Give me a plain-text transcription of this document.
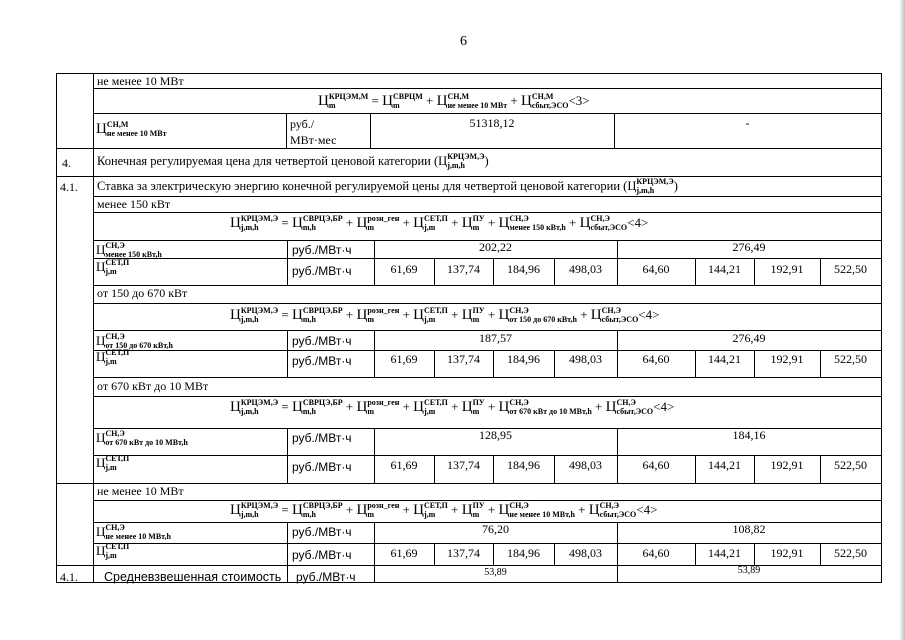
6
не менее 10 МВт
Ц КРЦЭМ,М
m	= Ц СВРЦМ
m	+ Ц СН,М
не менее 10 МВт + Ц СН,М
сбыт,ЭСО <3>
Ц СН,М
не менее 10 МВт
руб./
МВт·мес
51318,12	-
4. Конечная регулируемая цена для четвертой ценовой категории (Ц КРЦЭМ,Э
j,m,h	)
4.1. Ставка за электрическую энергию конечной регулируемой цены для четвертой ценовой категории (Ц КРЦЭМ,Э
j,m,h	)
менее 150 кВт
Ц КРЦЭМ,Э
j,m,h	= Ц СВРЦЭ,БР
m,h	+ Ц розн_ген
m	+ Ц СЕТ,П
j,m + Ц ПУ
m + Ц СН,Э
менее 150 кВт,h + Ц СН,Э
сбыт,ЭСО <4>
Ц СН,Э
менее 150 кВт,h	руб./МВт·ч	202,22	276,49
Ц СЕТ,П
j,m	руб./МВт·ч	61,69	137,74	184,96	498,03	64,60	144,21	192,91	522,50
от 150 до 670 кВт
Ц КРЦЭМ,Э
j,m,h	= Ц СВРЦЭ,БР
m,h	+ Ц розн_ген
m	+ Ц СЕТ,П
j,m + Ц ПУ
m + Ц СН,Э
от 150 до 670 кВт,h + Ц СН,Э
сбыт,ЭСО <4>
Ц СН,Э
от 150 до 670 кВт,h	руб./МВт·ч	187,57	276,49
Ц СЕТ,П
j,m	руб./МВт·ч	61,69	137,74	184,96	498,03	64,60	144,21	192,91	522,50
от 670 кВт до 10 МВт
Ц КРЦЭМ,Э
j,m,h	= Ц СВРЦЭ,БР
m,h	+ Ц розн_ген
m	+ Ц СЕТ,П
j,m + Ц ПУ
m + Ц СН,Э
от 670 кВт до 10 МВт,h + Ц СН,Э
сбыт,ЭСО <4>
Ц СН,Э
от 670 кВт до 10 МВт,h	руб./МВт·ч	128,95	184,16
Ц СЕТ,П
j,m	руб./МВт·ч	61,69	137,74	184,96	498,03	64,60	144,21	192,91	522,50
не менее 10 МВт
Ц КРЦЭМ,Э
j,m,h	= Ц СВРЦЭ,БР
m,h	+ Ц розн_ген
m	+ Ц СЕТ,П
j,m + Ц ПУ
m + Ц СН,Э
не менее 10 МВт,h + Ц СН,Э
сбыт,ЭСО <4>
Ц СН,Э
не менее 10 МВт,h	руб./МВт·ч	76,20	108,82
Ц СЕТ,П
j,m	руб./МВт·ч	61,69	137,74	184,96	498,03	64,60	144,21	192,91	522,50
4.1. Средневзвешенная стоимость руб./МВт·ч	53,89	53,89
